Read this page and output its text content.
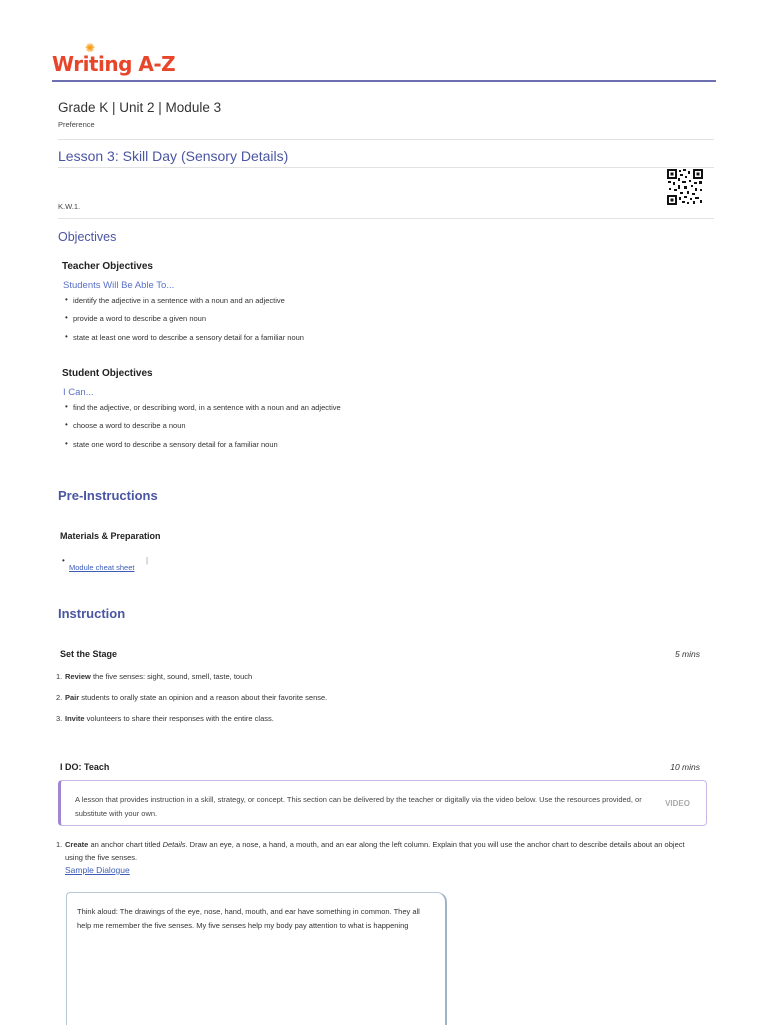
Writing A-Z
✺
Grade K | Unit 2 | Module 3
Preference
Lesson 3: Skill Day (Sensory Details)
K.W.1.
Objectives
Teacher Objectives
Students Will Be Able To...
• identify the adjective in a sentence with a noun and an adjective
• provide a word to describe a given noun
• state at least one word to describe a sensory detail for a familiar noun
Student Objectives
I Can...
• find the adjective, or describing word, in a sentence with a noun and an adjective
• choose a word to describe a noun
• state one word to describe a sensory detail for a familiar noun
Pre-Instructions
Materials & Preparation
•
Module cheat sheet
|
Instruction
Set the Stage	5 mins
1. Review the five senses: sight, sound, smell, taste, touch
2. Pair students to orally state an opinion and a reason about their favorite sense.
3. Invite volunteers to share their responses with the entire class.
I DO: Teach	10 mins
A lesson that provides instruction in a skill, strategy, or concept. This section can be delivered by the teacher or digitally via the video below. Use the resources provided, or substitute with your own.
VIDEO
1. Create an anchor chart titled Details. Draw an eye, a nose, a hand, a mouth, and an ear along the left column. Explain that you will use the anchor chart to describe details about an object using the five senses.
Sample Dialogue
Think aloud: The drawings of the eye, nose, hand, mouth, and ear have something in common. They all help me remember the five senses. My five senses help my body pay attention to what is happening
